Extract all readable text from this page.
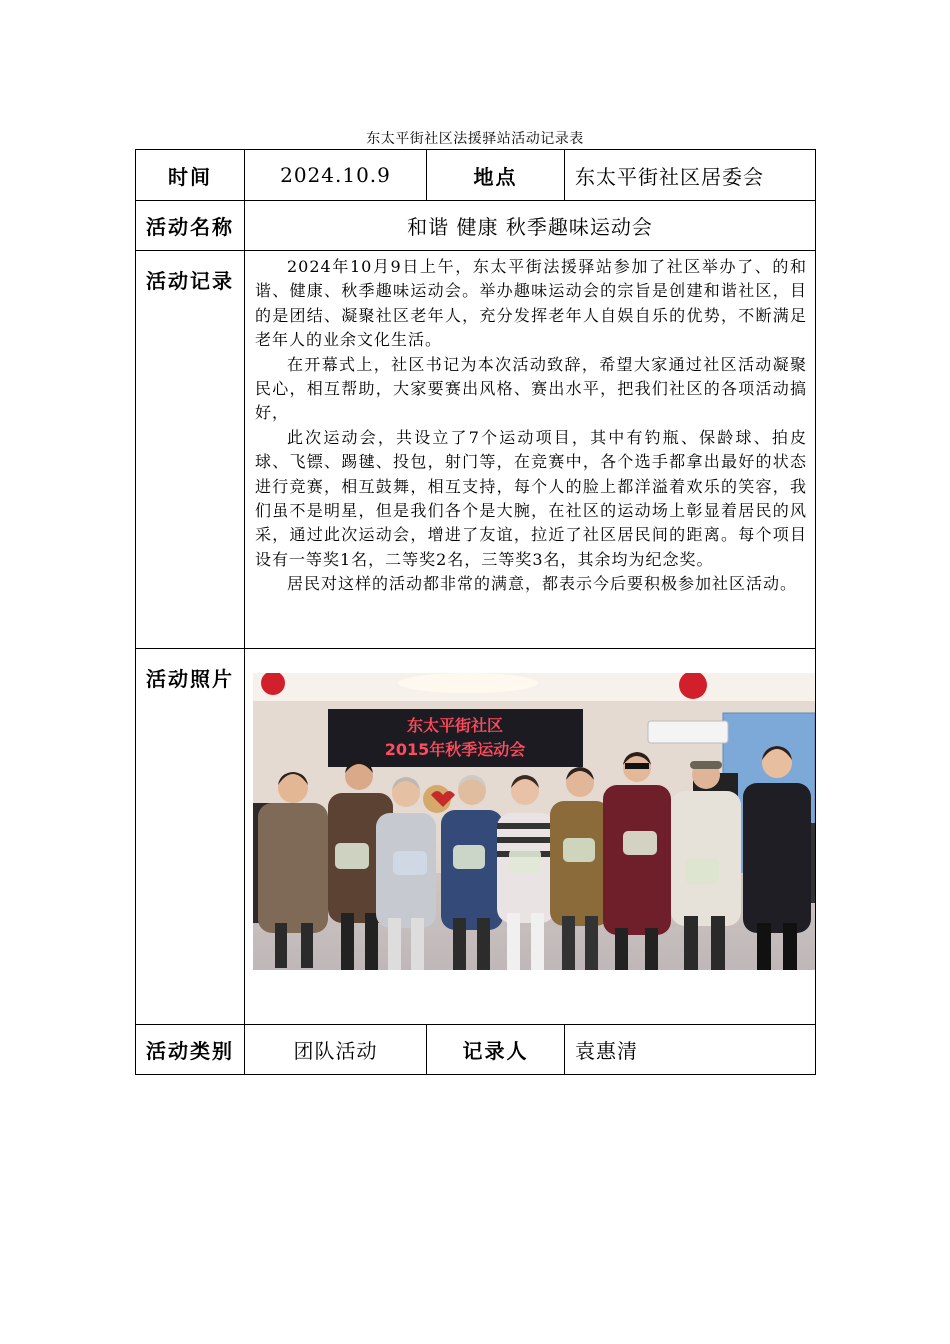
东太平街社区法援驿站活动记录表
时间	2024.10.9	地点	东太平街社区居委会
活动名称	和谐 健康 秋季趣味运动会		
活动记录	2024年10月9日上午，东太平街法援驿站参加了社区举办了、的和谐、健康、秋季趣味运动会。举办趣味运动会的宗旨是创建和谐社区，目的是团结、凝聚社区老年人，充分发挥老年人自娱自乐的优势，不断满足老年人的业余文化生活。

在开幕式上，社区书记为本次活动致辞，希望大家通过社区活动凝聚民心，相互帮助，大家要赛出风格、赛出水平，把我们社区的各项活动搞好，

此次运动会，共设立了7个运动项目，其中有钓瓶、保龄球、拍皮球、飞镖、踢毽、投包，射门等，在竞赛中，各个选手都拿出最好的状态进行竞赛，相互鼓舞，相互支持，每个人的脸上都洋溢着欢乐的笑容，我们虽不是明星，但是我们各个是大腕，在社区的运动场上彰显着居民的风采，通过此次运动会，增进了友谊，拉近了社区居民间的距离。每个项目设有一等奖1名，二等奖2名，三等奖3名，其余均为纪念奖。

居民对这样的活动都非常的满意，都表示今后要积极参加社区活动。		

活动照片	东太平街社区
2015年秋季运动会		

活动类别	团队活动	记录人	袁惠清
